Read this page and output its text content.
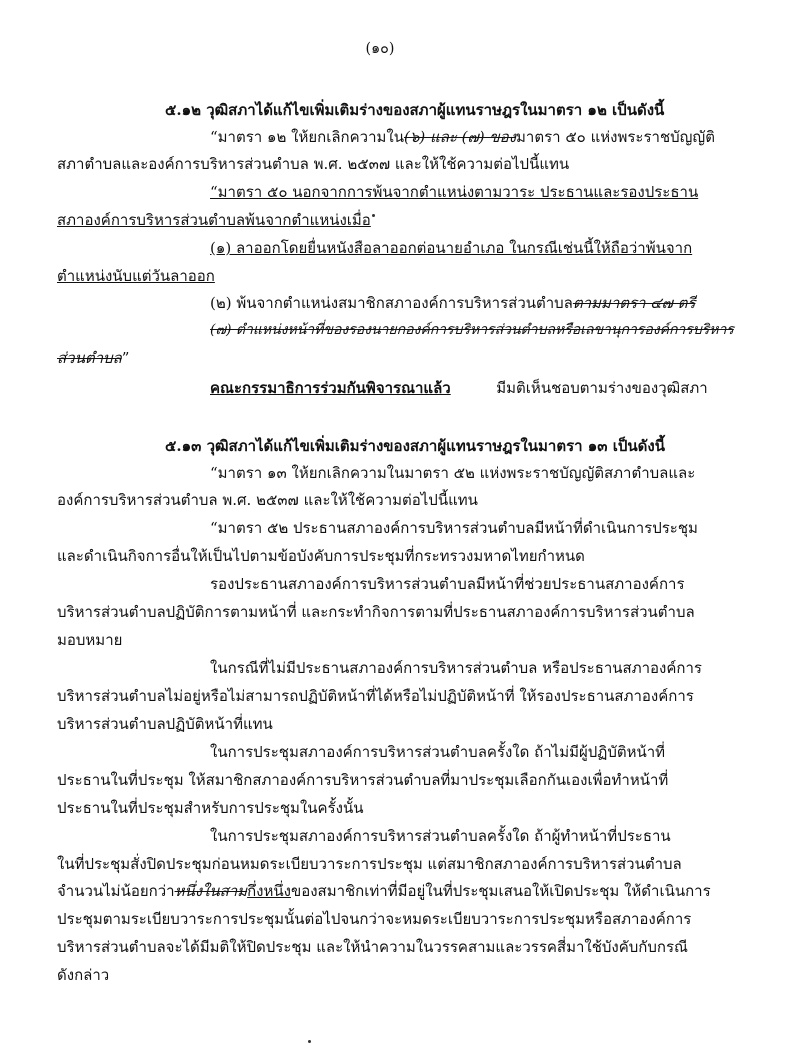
(๑๐)
๕.๑๒ วุฒิสภาได้แก้ไขเพิ่มเติมร่างของสภาผู้แทนราษฎรในมาตรา ๑๒ เป็นดังนี้
“มาตรา ๑๒ ให้ยกเลิกความใน(๖) และ (๗) ของมาตรา ๕๐ แห่งพระราชบัญญัติ
สภาตำบลและองค์การบริหารส่วนตำบล พ.ศ. ๒๕๓๗ และให้ใช้ความต่อไปนี้แทน
“มาตรา ๕๐ นอกจากการพ้นจากตำแหน่งตามวาระ ประธานและรองประธาน
สภาองค์การบริหารส่วนตำบลพ้นจากตำแหน่งเมื่อ
(๑) ลาออกโดยยื่นหนังสือลาออกต่อนายอำเภอ ในกรณีเช่นนี้ให้ถือว่าพ้นจาก
ตำแหน่งนับแต่วันลาออก
(๒) พ้นจากตำแหน่งสมาชิกสภาองค์การบริหารส่วนตำบลตามมาตรา ๔๗ ตรี
(๗) ตำแหน่งหน้าที่ของรองนายกองค์การบริหารส่วนตำบลหรือเลขานุการองค์การบริหาร
ส่วนตำบล”
คณะกรรมาธิการร่วมกันพิจารณาแล้ว	มีมติเห็นชอบตามร่างของวุฒิสภา
๕.๑๓ วุฒิสภาได้แก้ไขเพิ่มเติมร่างของสภาผู้แทนราษฎรในมาตรา ๑๓ เป็นดังนี้
“มาตรา ๑๓ ให้ยกเลิกความในมาตรา ๕๒ แห่งพระราชบัญญัติสภาตำบลและ
องค์การบริหารส่วนตำบล พ.ศ. ๒๕๓๗ และให้ใช้ความต่อไปนี้แทน
“มาตรา ๕๒ ประธานสภาองค์การบริหารส่วนตำบลมีหน้าที่ดำเนินการประชุม
และดำเนินกิจการอื่นให้เป็นไปตามข้อบังคับการประชุมที่กระทรวงมหาดไทยกำหนด
รองประธานสภาองค์การบริหารส่วนตำบลมีหน้าที่ช่วยประธานสภาองค์การ
บริหารส่วนตำบลปฏิบัติการตามหน้าที่ และกระทำกิจการตามที่ประธานสภาองค์การบริหารส่วนตำบล
มอบหมาย
ในกรณีที่ไม่มีประธานสภาองค์การบริหารส่วนตำบล หรือประธานสภาองค์การ
บริหารส่วนตำบลไม่อยู่หรือไม่สามารถปฏิบัติหน้าที่ได้หรือไม่ปฏิบัติหน้าที่ ให้รองประธานสภาองค์การ
บริหารส่วนตำบลปฏิบัติหน้าที่แทน
ในการประชุมสภาองค์การบริหารส่วนตำบลครั้งใด ถ้าไม่มีผู้ปฏิบัติหน้าที่
ประธานในที่ประชุม ให้สมาชิกสภาองค์การบริหารส่วนตำบลที่มาประชุมเลือกกันเองเพื่อทำหน้าที่
ประธานในที่ประชุมสำหรับการประชุมในครั้งนั้น
ในการประชุมสภาองค์การบริหารส่วนตำบลครั้งใด ถ้าผู้ทำหน้าที่ประธาน
ในที่ประชุมสั่งปิดประชุมก่อนหมดระเบียบวาระการประชุม แต่สมาชิกสภาองค์การบริหารส่วนตำบล
จำนวนไม่น้อยกว่าหนึ่งในสามกึ่งหนึ่งของสมาชิกเท่าที่มีอยู่ในที่ประชุมเสนอให้เปิดประชุม ให้ดำเนินการ
ประชุมตามระเบียบวาระการประชุมนั้นต่อไปจนกว่าจะหมดระเบียบวาระการประชุมหรือสภาองค์การ
บริหารส่วนตำบลจะได้มีมติให้ปิดประชุม และให้นำความในวรรคสามและวรรคสี่มาใช้บังคับกับกรณี
ดังกล่าว
